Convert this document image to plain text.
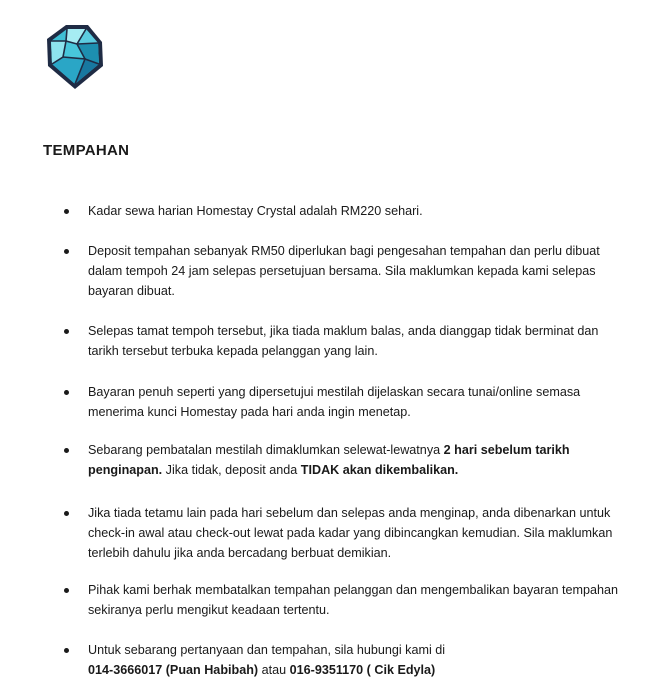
TEMPAHAN
Kadar sewa harian Homestay Crystal adalah RM220 sehari.
Deposit tempahan sebanyak RM50 diperlukan bagi pengesahan tempahan dan perlu dibuat dalam tempoh 24 jam selepas persetujuan bersama. Sila maklumkan kepada kami selepas bayaran dibuat.
Selepas tamat tempoh tersebut, jika tiada maklum balas, anda dianggap tidak berminat dan tarikh tersebut terbuka kepada pelanggan yang lain.
Bayaran penuh seperti yang dipersetujui mestilah dijelaskan secara tunai/online semasa menerima kunci Homestay pada hari anda ingin menetap.
Sebarang pembatalan mestilah dimaklumkan selewat-lewatnya 2 hari sebelum tarikh penginapan. Jika tidak, deposit anda TIDAK akan dikembalikan.
Jika tiada tetamu lain pada hari sebelum dan selepas anda menginap, anda dibenarkan untuk check-in awal atau check-out lewat pada kadar yang dibincangkan kemudian. Sila maklumkan terlebih dahulu jika anda bercadang berbuat demikian.
Pihak kami berhak membatalkan tempahan pelanggan dan mengembalikan bayaran tempahan sekiranya perlu mengikut keadaan tertentu.
Untuk sebarang pertanyaan dan tempahan, sila hubungi kami di
014-3666017 (Puan Habibah) atau 016-9351170 ( Cik Edyla)
